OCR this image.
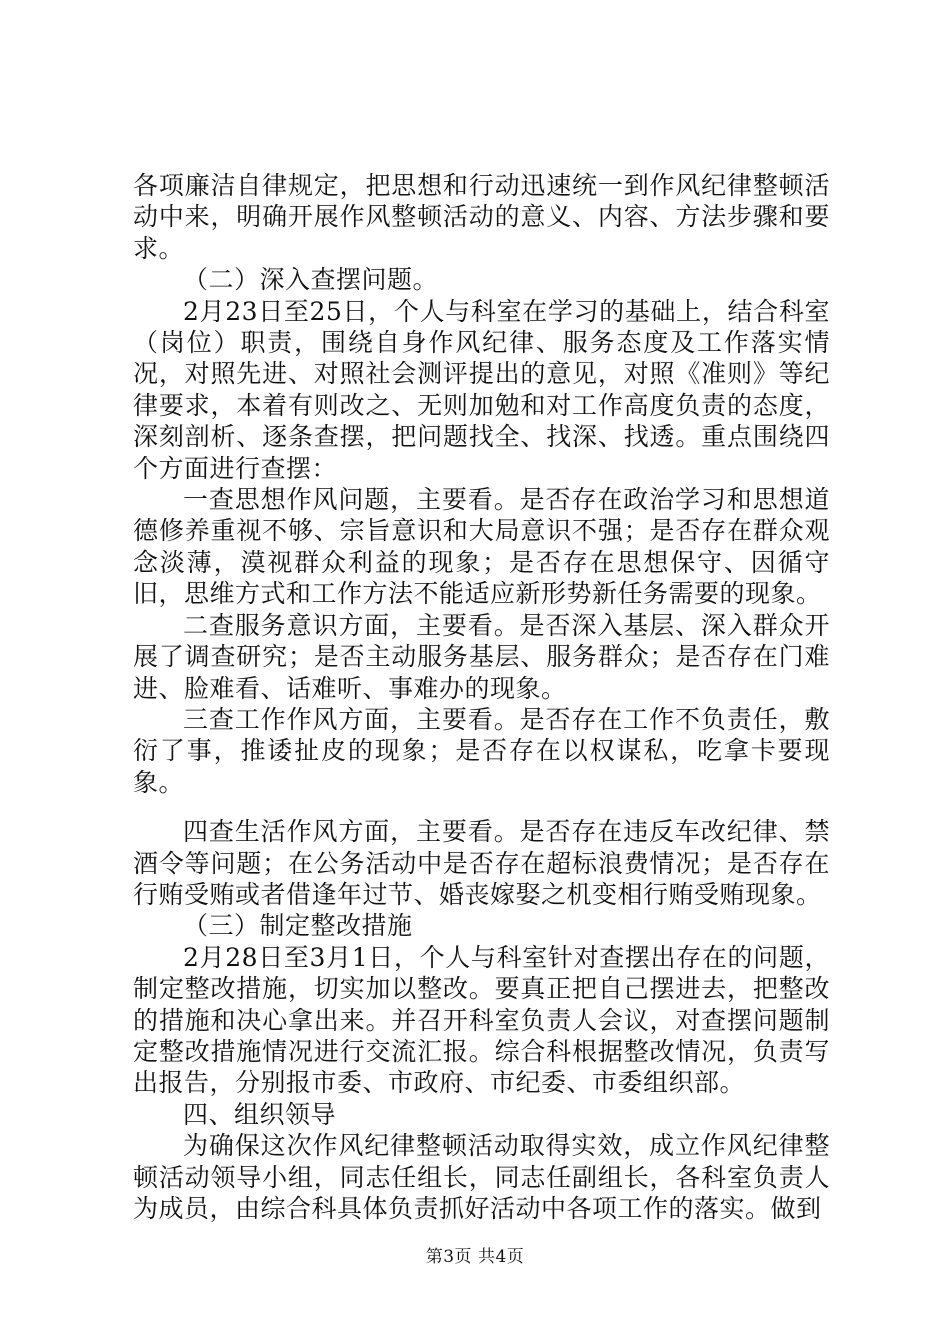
各项廉洁自律规定，把思想和行动迅速统一到作风纪律整顿活动中来，明确开展作风整顿活动的意义、内容、方法步骤和要求。

（二）深入查摆问题。

2月23日至25日，个人与科室在学习的基础上，结合科室（岗位）职责，围绕自身作风纪律、服务态度及工作落实情况，对照先进、对照社会测评提出的意见，对照《准则》等纪律要求，本着有则改之、无则加勉和对工作高度负责的态度，深刻剖析、逐条查摆，把问题找全、找深、找透。重点围绕四个方面进行查摆：

一查思想作风问题，主要看。是否存在政治学习和思想道德修养重视不够、宗旨意识和大局意识不强；是否存在群众观念淡薄，漠视群众利益的现象；是否存在思想保守、因循守旧，思维方式和工作方法不能适应新形势新任务需要的现象。

二查服务意识方面，主要看。是否深入基层、深入群众开展了调查研究；是否主动服务基层、服务群众；是否存在门难进、脸难看、话难听、事难办的现象。

三查工作作风方面，主要看。是否存在工作不负责任，敷衍了事，推诿扯皮的现象；是否存在以权谋私，吃拿卡要现象。

四查生活作风方面，主要看。是否存在违反车改纪律、禁酒令等问题；在公务活动中是否存在超标浪费情况；是否存在行贿受贿或者借逢年过节、婚丧嫁娶之机变相行贿受贿现象。

（三）制定整改措施

2月28日至3月1日，个人与科室针对查摆出存在的问题，制定整改措施，切实加以整改。要真正把自己摆进去，把整改的措施和决心拿出来。并召开科室负责人会议，对查摆问题制定整改措施情况进行交流汇报。综合科根据整改情况，负责写出报告，分别报市委、市政府、市纪委、市委组织部。

四、组织领导

为确保这次作风纪律整顿活动取得实效，成立作风纪律整顿活动领导小组，同志任组长，同志任副组长，各科室负责人为成员，由综合科具体负责抓好活动中各项工作的落实。做到

第3页 共4页
